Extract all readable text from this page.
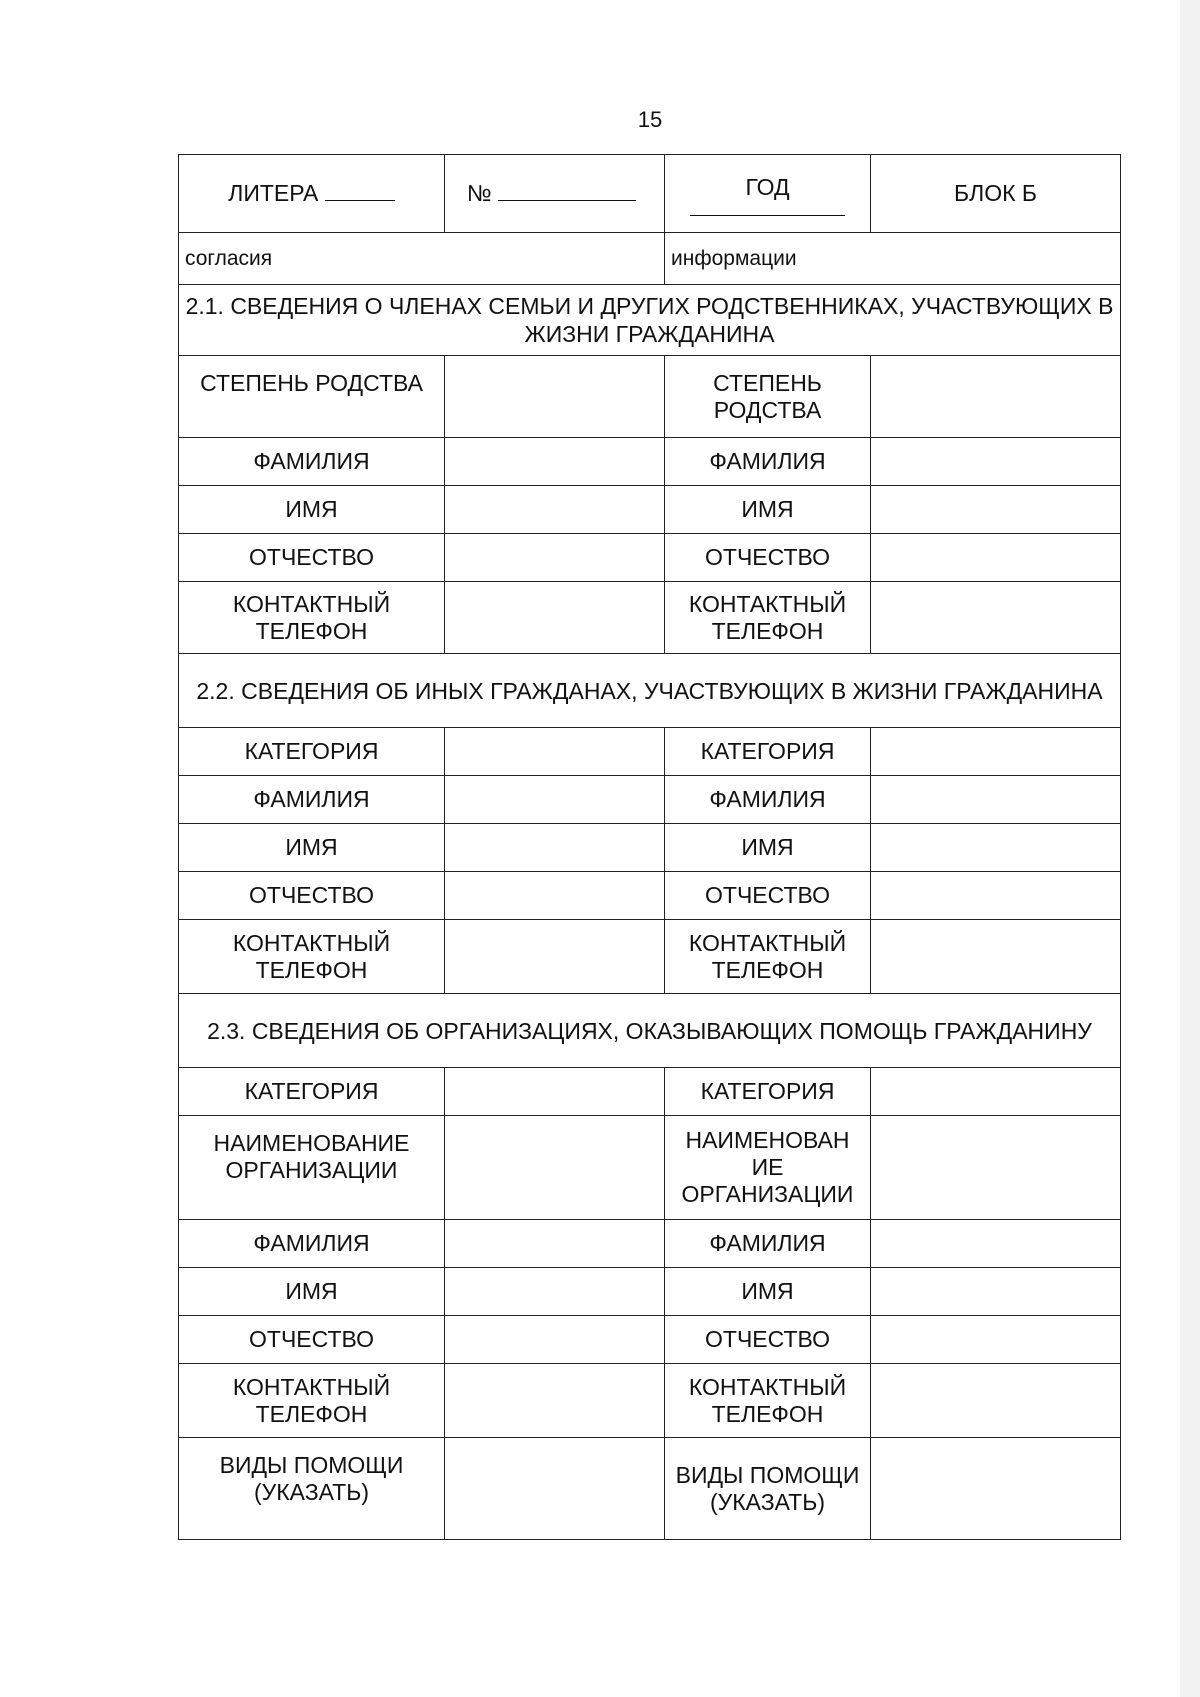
15
ЛИТЕРА	№	ГОД	БЛОК Б
согласия		информации	
2.1. СВЕДЕНИЯ О ЧЛЕНАХ СЕМЬИ И ДРУГИХ РОДСТВЕННИКАХ, УЧАСТВУЮЩИХ В ЖИЗНИ ГРАЖДАНИНА			
СТЕПЕНЬ РОДСТВА		СТЕПЕНЬ РОДСТВА	
ФАМИЛИЯ		ФАМИЛИЯ	
ИМЯ		ИМЯ	
ОТЧЕСТВО		ОТЧЕСТВО	
КОНТАКТНЫЙ ТЕЛЕФОН		КОНТАКТНЫЙ ТЕЛЕФОН	
2.2. СВЕДЕНИЯ ОБ ИНЫХ ГРАЖДАНАХ, УЧАСТВУЮЩИХ В ЖИЗНИ ГРАЖДАНИНА			
КАТЕГОРИЯ		КАТЕГОРИЯ	
ФАМИЛИЯ		ФАМИЛИЯ	
ИМЯ		ИМЯ	
ОТЧЕСТВО		ОТЧЕСТВО	
КОНТАКТНЫЙ ТЕЛЕФОН		КОНТАКТНЫЙ ТЕЛЕФОН	
2.3. СВЕДЕНИЯ ОБ ОРГАНИЗАЦИЯХ, ОКАЗЫВАЮЩИХ ПОМОЩЬ ГРАЖДАНИНУ			
КАТЕГОРИЯ		КАТЕГОРИЯ	
НАИМЕНОВАНИЕ ОРГАНИЗАЦИИ		НАИМЕНОВАН ИЕ ОРГАНИЗАЦИИ	
ФАМИЛИЯ		ФАМИЛИЯ	
ИМЯ		ИМЯ	
ОТЧЕСТВО		ОТЧЕСТВО	
КОНТАКТНЫЙ ТЕЛЕФОН		КОНТАКТНЫЙ ТЕЛЕФОН	
ВИДЫ ПОМОЩИ (УКАЗАТЬ)		ВИДЫ ПОМОЩИ (УКАЗАТЬ)	
